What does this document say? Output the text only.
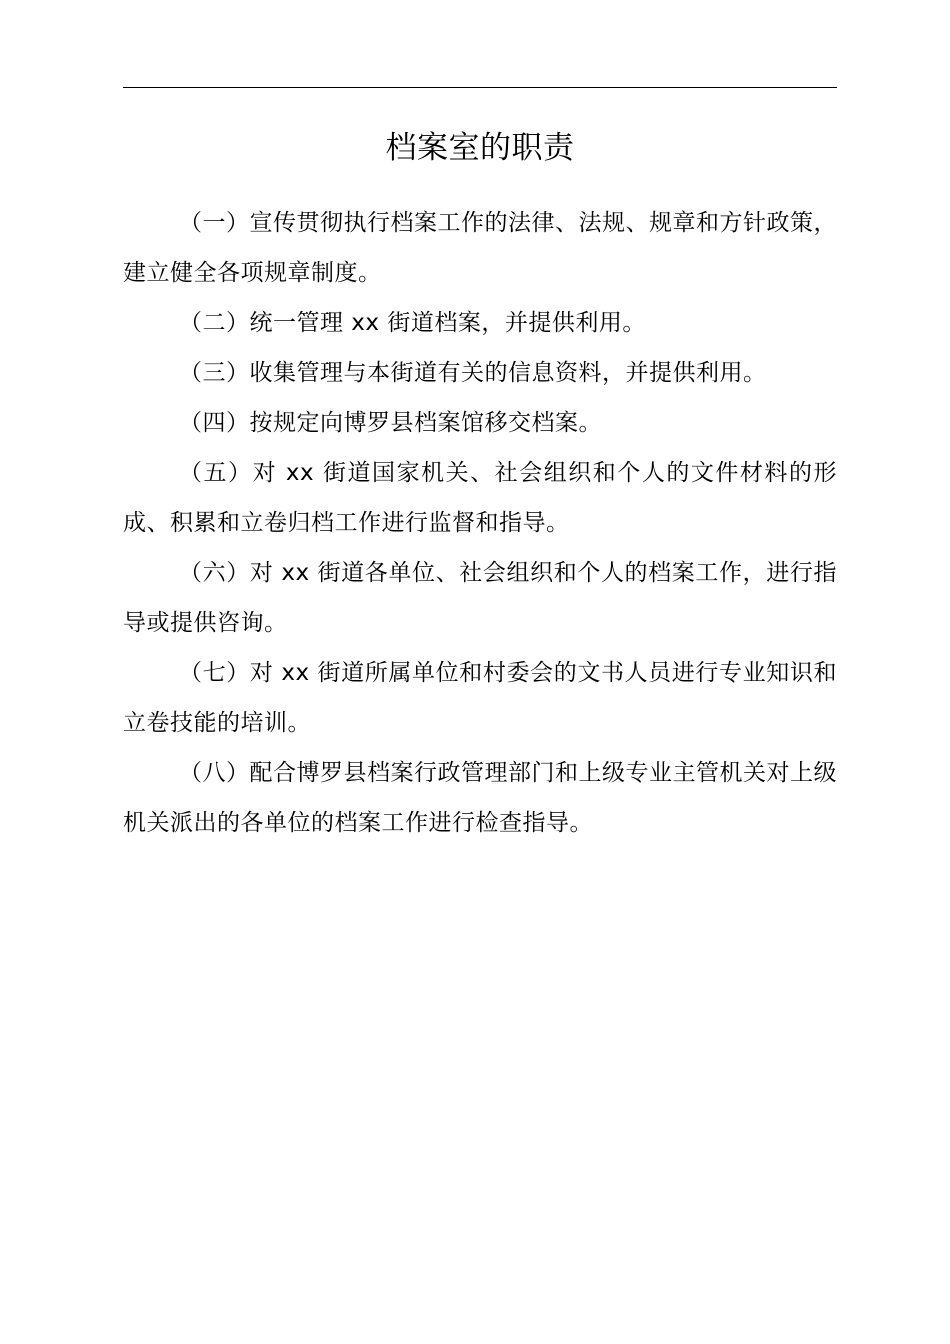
档案室的职责

（一）宣传贯彻执行档案工作的法律、法规、规章和方针政策，建立健全各项规章制度。

（二）统一管理 xx 街道档案，并提供利用。

（三）收集管理与本街道有关的信息资料，并提供利用。

（四）按规定向博罗县档案馆移交档案。

（五）对 xx 街道国家机关、社会组织和个人的文件材料的形成、积累和立卷归档工作进行监督和指导。

（六）对 xx 街道各单位、社会组织和个人的档案工作，进行指导或提供咨询。

（七）对 xx 街道所属单位和村委会的文书人员进行专业知识和立卷技能的培训。

（八）配合博罗县档案行政管理部门和上级专业主管机关对上级机关派出的各单位的档案工作进行检查指导。
